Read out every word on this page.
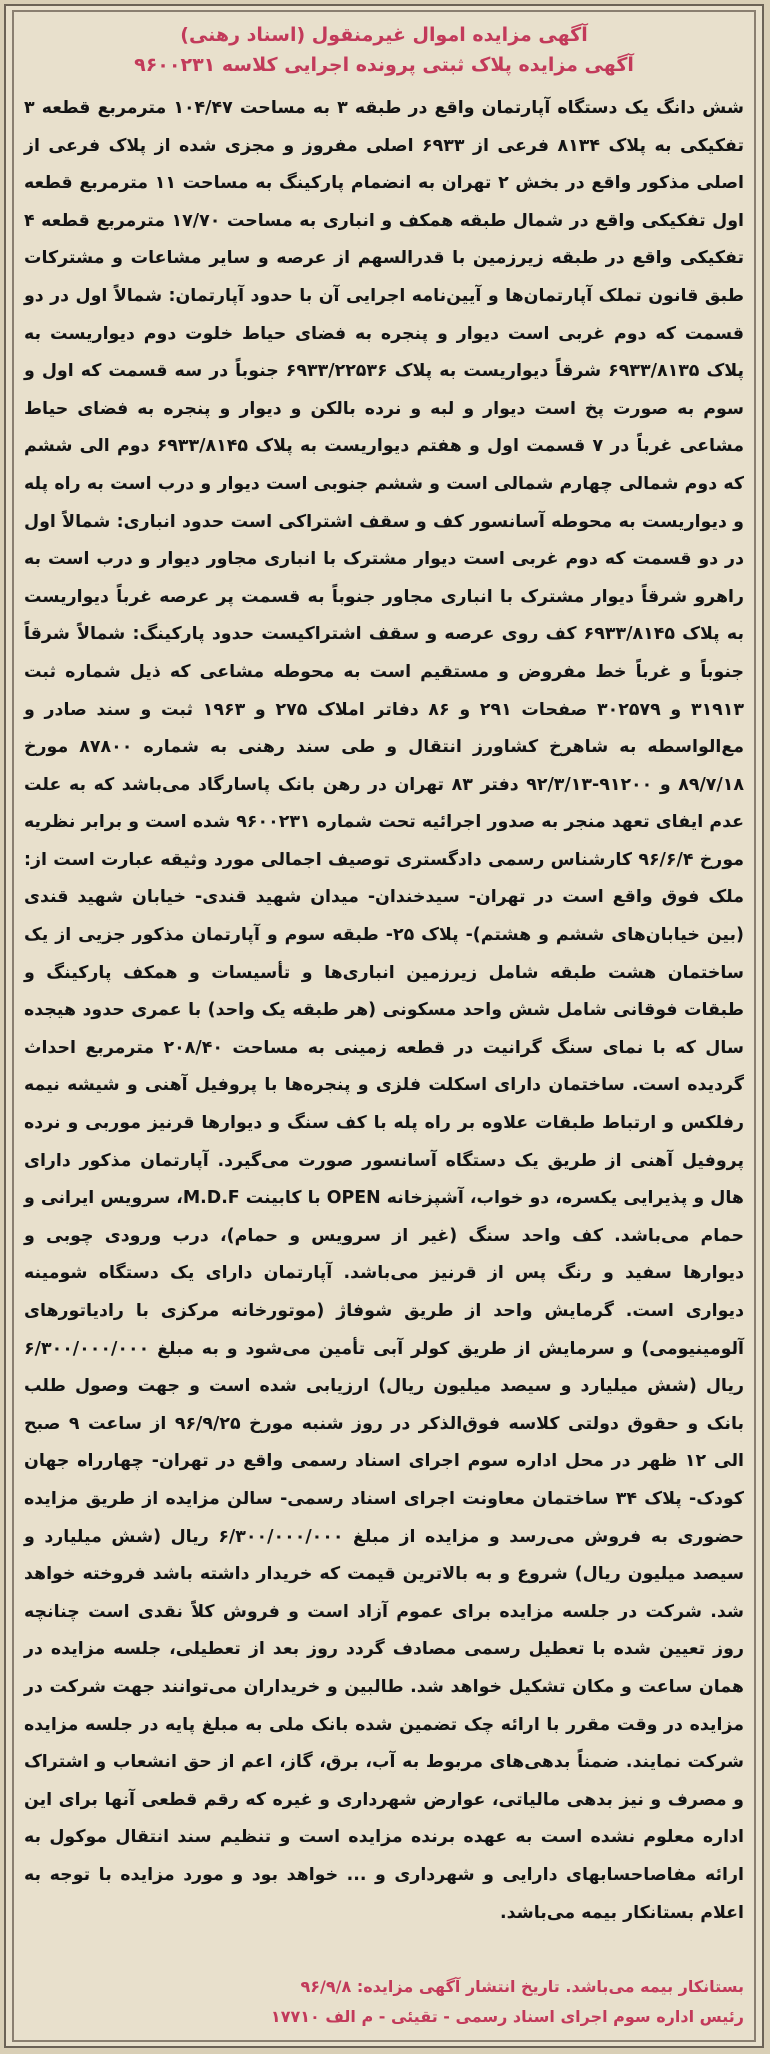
آگهی مزایده اموال غیرمنقول (اسناد رهنی)
آگهی مزایده پلاک ثبتی پرونده اجرایی کلاسه ۹۶۰۰۲۳۱
شش دانگ یک دستگاه آپارتمان واقع در طبقه ۳ به مساحت ۱۰۴/۴۷ مترمربع قطعه ۳ تفکیکی به پلاک ۸۱۳۴ فرعی از ۶۹۳۳ اصلی مفروز و مجزی شده از پلاک فرعی از اصلی مذکور واقع در بخش ۲ تهران به انضمام پارکینگ به مساحت ۱۱ مترمربع قطعه اول تفکیکی واقع در شمال طبقه همکف و انباری به مساحت ۱۷/۷۰ مترمربع قطعه ۴ تفکیکی واقع در طبقه زیرزمین با قدرالسهم از عرصه و سایر مشاعات و مشترکات طبق قانون تملک آپارتمان‌ها و آیین‌نامه اجرایی آن با حدود آپارتمان: شمالاً اول در دو قسمت که دوم غربی است دیوار و پنجره به فضای حیاط خلوت دوم دیواریست به پلاک ۶۹۳۳/۸۱۳۵ شرقاً دیواریست به پلاک ۶۹۳۳/۲۲۵۳۶ جنوباً در سه قسمت که اول و سوم به صورت پخ است دیوار و لبه و نرده بالکن و دیوار و پنجره به فضای حیاط مشاعی غرباً در ۷ قسمت اول و هفتم دیواریست به پلاک ۶۹۳۳/۸۱۴۵ دوم الی ششم که دوم شمالی چهارم شمالی است و ششم جنوبی است دیوار و درب است به راه پله و دیواریست به محوطه آسانسور کف و سقف اشتراکی است حدود انباری: شمالاً اول در دو قسمت که دوم غربی است دیوار مشترک با انباری مجاور دیوار و درب است به راهرو شرقاً دیوار مشترک با انباری مجاور جنوباً به قسمت پر عرصه غرباً دیواریست به پلاک ۶۹۳۳/۸۱۴۵ کف روی عرصه و سقف اشتراکیست حدود پارکینگ: شمالاً شرقاً جنوباً و غرباً خط مفروض و مستقیم است به محوطه مشاعی که ذیل شماره ثبت ۳۱۹۱۳ و ۳۰۲۵۷۹ صفحات ۲۹۱ و ۸۶ دفاتر املاک ۲۷۵ و ۱۹۶۳ ثبت و سند صادر و مع‌الواسطه به شاهرخ کشاورز انتقال و طی سند رهنی به شماره ۸۷۸۰۰ مورخ ۸۹/۷/۱۸ و ۹۱۲۰۰-۹۲/۳/۱۳ دفتر ۸۳ تهران در رهن بانک پاسارگاد می‌باشد که به علت عدم ایفای تعهد منجر به صدور اجرائیه تحت شماره ۹۶۰۰۲۳۱ شده است و برابر نظریه مورخ ۹۶/۶/۴ کارشناس رسمی دادگستری توصیف اجمالی مورد وثیقه عبارت است از: ملک فوق واقع است در تهران- سیدخندان- میدان شهید قندی- خیابان شهید قندی (بین خیابان‌های ششم و هشتم)- پلاک ۲۵- طبقه سوم و آپارتمان مذکور جزیی از یک ساختمان هشت طبقه شامل زیرزمین انباری‌ها و تأسیسات و همکف پارکینگ و طبقات فوقانی شامل شش واحد مسکونی (هر طبقه یک واحد) با عمری حدود هیجده سال که با نمای سنگ گرانیت در قطعه زمینی به مساحت ۲۰۸/۴۰ مترمربع احداث گردیده است. ساختمان دارای اسکلت فلزی و پنجره‌ها با پروفیل آهنی و شیشه نیمه رفلکس و ارتباط طبقات علاوه بر راه پله با کف سنگ و دیوارها قرنیز موربی و نرده پروفیل آهنی از طریق یک دستگاه آسانسور صورت می‌گیرد. آپارتمان مذکور دارای هال و پذیرایی یکسره، دو خواب، آشپزخانه OPEN با کابینت M.D.F، سرویس ایرانی و حمام می‌باشد. کف واحد سنگ (غیر از سرویس و حمام)، درب ورودی چوبی و دیوارها سفید و رنگ پس از قرنیز می‌باشد. آپارتمان دارای یک دستگاه شومینه دیواری است. گرمایش واحد از طریق شوفاژ (موتورخانه مرکزی با رادیاتورهای آلومینیومی) و سرمایش از طریق کولر آبی تأمین می‌شود و به مبلغ ۶/۳۰۰/۰۰۰/۰۰۰ ریال (شش میلیارد و سیصد میلیون ریال) ارزیابی شده است و جهت وصول طلب بانک و حقوق دولتی کلاسه فوق‌الذکر در روز شنبه مورخ ۹۶/۹/۲۵ از ساعت ۹ صبح الی ۱۲ ظهر در محل اداره سوم اجرای اسناد رسمی واقع در تهران- چهارراه جهان کودک- پلاک ۳۴ ساختمان معاونت اجرای اسناد رسمی- سالن مزایده از طریق مزایده حضوری به فروش می‌رسد و مزایده از مبلغ ۶/۳۰۰/۰۰۰/۰۰۰ ریال (شش میلیارد و سیصد میلیون ریال) شروع و به بالاترین قیمت که خریدار داشته باشد فروخته خواهد شد. شرکت در جلسه مزایده برای عموم آزاد است و فروش کلاً نقدی است چنانچه روز تعیین شده با تعطیل رسمی مصادف گردد روز بعد از تعطیلی، جلسه مزایده در همان ساعت و مکان تشکیل خواهد شد. طالبین و خریداران می‌توانند جهت شرکت در مزایده در وقت مقرر با ارائه چک تضمین شده بانک ملی به مبلغ پایه در جلسه مزایده شرکت نمایند. ضمناً بدهی‌های مربوط به آب، برق، گاز، اعم از حق انشعاب و اشتراک و مصرف و نیز بدهی مالیاتی، عوارض شهرداری و غیره که رقم قطعی آنها برای این اداره معلوم نشده است به عهده برنده مزایده است و تنظیم سند انتقال موکول به ارائه مفاصاحسابهای دارایی و شهرداری و ... خواهد بود و مورد مزایده با توجه به اعلام بستانکار بیمه می‌باشد.
بستانکار بیمه می‌باشد. تاریخ انتشار آگهی مزایده: ۹۶/۹/۸
رئیس اداره سوم اجرای اسناد رسمی - تقیئی - م الف ۱۷۷۱۰
